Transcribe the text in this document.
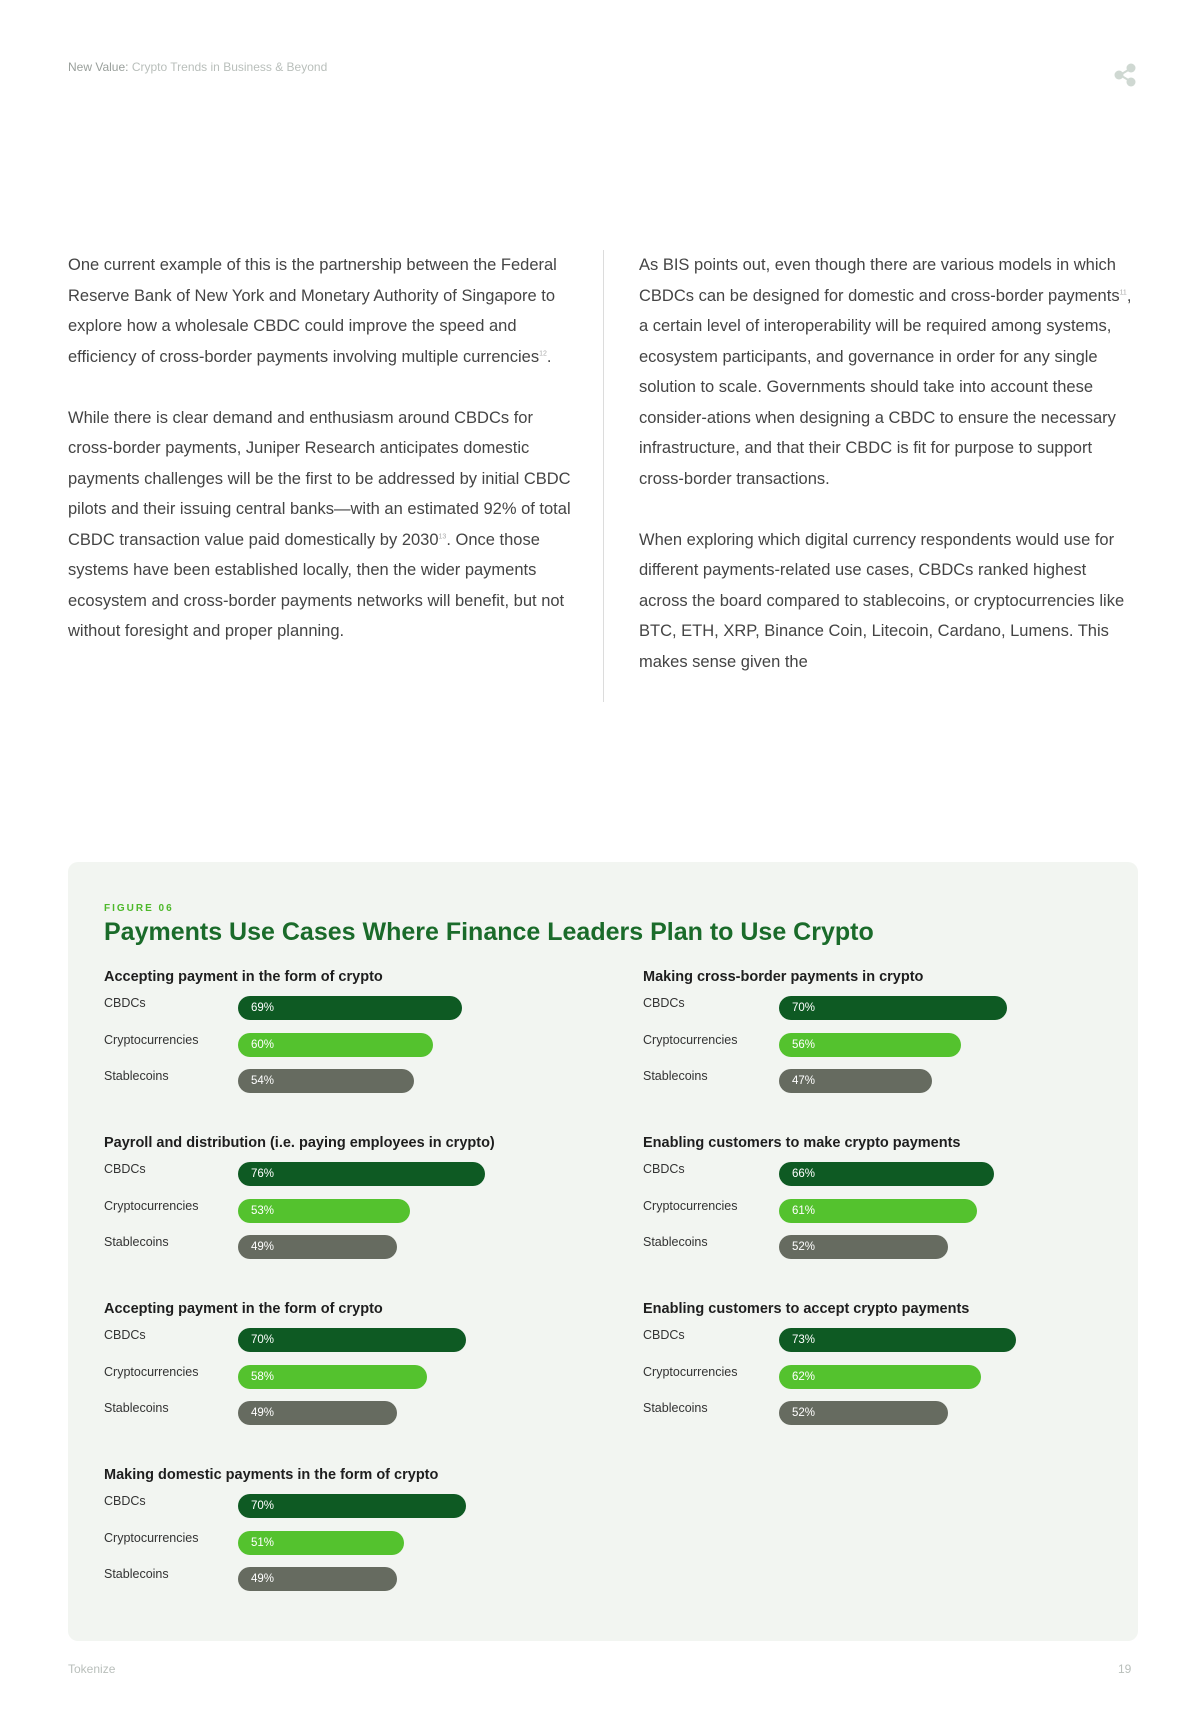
New Value: Crypto Trends in Business & Beyond

One current example of this is the partnership between the Federal Reserve Bank of New York and Monetary Authority of Singapore to explore how a wholesale CBDC could improve the speed and efficiency of cross-border payments involving multiple currencies$^{12}$.

While there is clear demand and enthusiasm around CBDCs for cross-border payments, Juniper Research anticipates domestic payments challenges will be the first to be addressed by initial CBDC pilots and their issuing central banks—with an estimated 92% of total CBDC transaction value paid domestically by 2030$^{13}$. Once those systems have been established locally, then the wider payments ecosystem and cross-border payments networks will benefit, but not without foresight and proper planning.

As BIS points out, even though there are various models in which CBDCs can be designed for domestic and cross-border payments$^{11}$, a certain level of interoperability will be required among systems, ecosystem participants, and governance in order for any single solution to scale. Governments should take into account these consider-ations when designing a CBDC to ensure the necessary infrastructure, and that their CBDC is fit for purpose to support cross-border transactions.

When exploring which digital currency respondents would use for different payments-related use cases, CBDCs ranked highest across the board compared to stablecoins, or cryptocurrencies like BTC, ETH, XRP, Binance Coin, Litecoin, Cardano, Lumens. This makes sense given the

FIGURE 06
Payments Use Cases Where Finance Leaders Plan to Use Crypto
Accepting payment in the form of crypto
CBDCs	69%
Cryptocurrencies	60%
Stablecoins	54%
Payroll and distribution (i.e. paying employees in crypto)
CBDCs	76%
Cryptocurrencies	53%
Stablecoins	49%
Accepting payment in the form of crypto
CBDCs	70%
Cryptocurrencies	58%
Stablecoins	49%
Making domestic payments in the form of crypto
CBDCs	70%
Cryptocurrencies	51%
Stablecoins	49%
Making cross-border payments in crypto
CBDCs	70%
Cryptocurrencies	56%
Stablecoins	47%
Enabling customers to make crypto payments
CBDCs	66%
Cryptocurrencies	61%
Stablecoins	52%
Enabling customers to accept crypto payments
CBDCs	73%
Cryptocurrencies	62%
Stablecoins	52%
Tokenize	19
